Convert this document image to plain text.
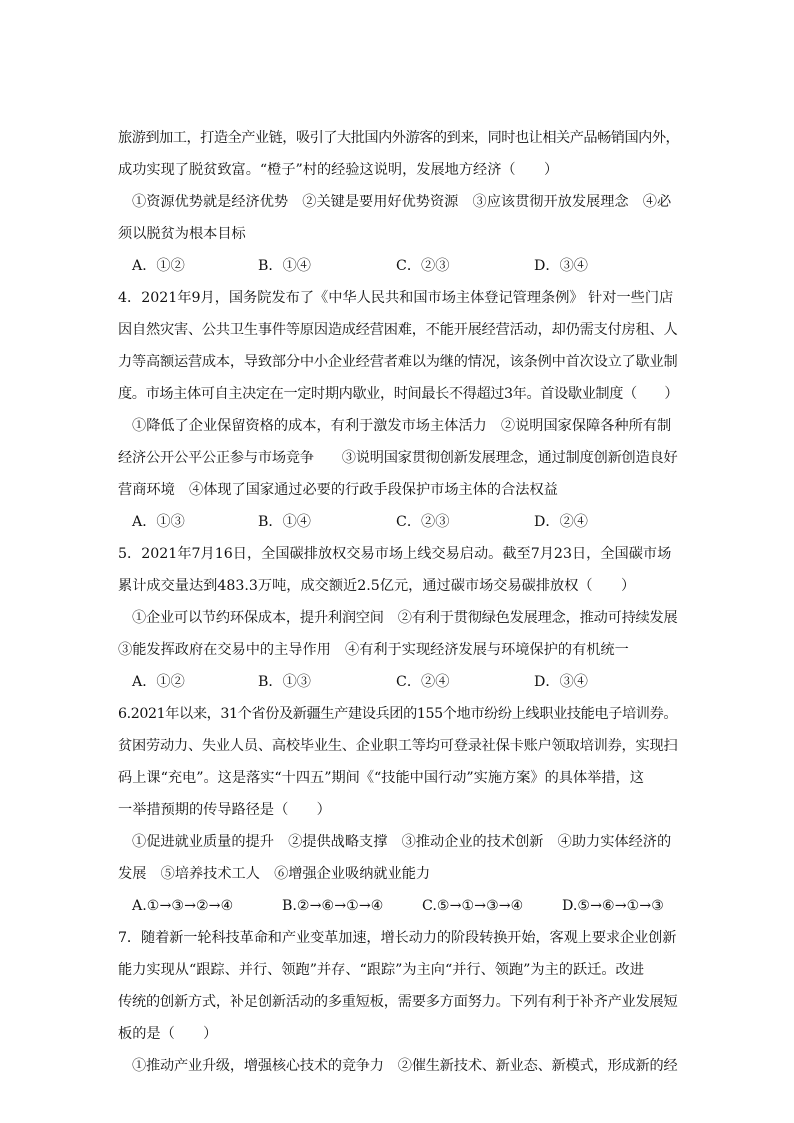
旅游到加工，打造全产业链，吸引了大批国内外游客的到来，同时也让相关产品畅销国内外，
成功实现了脱贫致富。“橙子”村的经验这说明，发展地方经济（　　）
①资源优势就是经济优势　②关键是要用好优势资源　③应该贯彻开放发展理念　④必
须以脱贫为根本目标
A．①②	B．①④	C．②③	D．③④
4．2021年9月，国务院发布了《中华人民共和国市场主体登记管理条例》 针对一些门店
因自然灾害、公共卫生事件等原因造成经营困难，不能开展经营活动，却仍需支付房租、人
力等高额运营成本，导致部分中小企业经营者难以为继的情况，该条例中首次设立了歇业制
度。市场主体可自主决定在一定时期内歇业，时间最长不得超过3年。首设歇业制度（　　）
①降低了企业保留资格的成本，有利于激发市场主体活力　②说明国家保障各种所有制
经济公开公平公正参与市场竞争　　③说明国家贯彻创新发展理念，通过制度创新创造良好
营商环境　④体现了国家通过必要的行政手段保护市场主体的合法权益
A．①③	B．①④	C．②③	D．②④
5．2021年7月16日，全国碳排放权交易市场上线交易启动。截至7月23日，全国碳市场
累计成交量达到483.3万吨，成交额近2.5亿元，通过碳市场交易碳排放权（　　）
①企业可以节约环保成本，提升利润空间　②有利于贯彻绿色发展理念，推动可持续发展
③能发挥政府在交易中的主导作用　④有利于实现经济发展与环境保护的有机统一
A．①②	B．①③	C．②④	D．③④
6.2021年以来，31个省份及新疆生产建设兵团的155个地市纷纷上线职业技能电子培训券。
贫困劳动力、失业人员、高校毕业生、企业职工等均可登录社保卡账户领取培训券，实现扫
码上课“充电”。这是落实“十四五”期间《“技能中国行动”实施方案》的具体举措，这
一举措预期的传导路径是（　　）
①促进就业质量的提升　②提供战略支撑　③推动企业的技术创新　④助力实体经济的
发展　⑤培养技术工人　⑥增强企业吸纳就业能力
A.①→③→②→④	B.②→⑥→①→④	C.⑤→①→③→④	D.⑤→⑥→①→③
7．随着新一轮科技革命和产业变革加速，增长动力的阶段转换开始，客观上要求企业创新
能力实现从“跟踪、并行、领跑”并存、“跟踪”为主向“并行、领跑”为主的跃迁。改进
传统的创新方式，补足创新活动的多重短板，需要多方面努力。下列有利于补齐产业发展短
板的是（　　）
①推动产业升级，增强核心技术的竞争力　②催生新技术、新业态、新模式，形成新的经
